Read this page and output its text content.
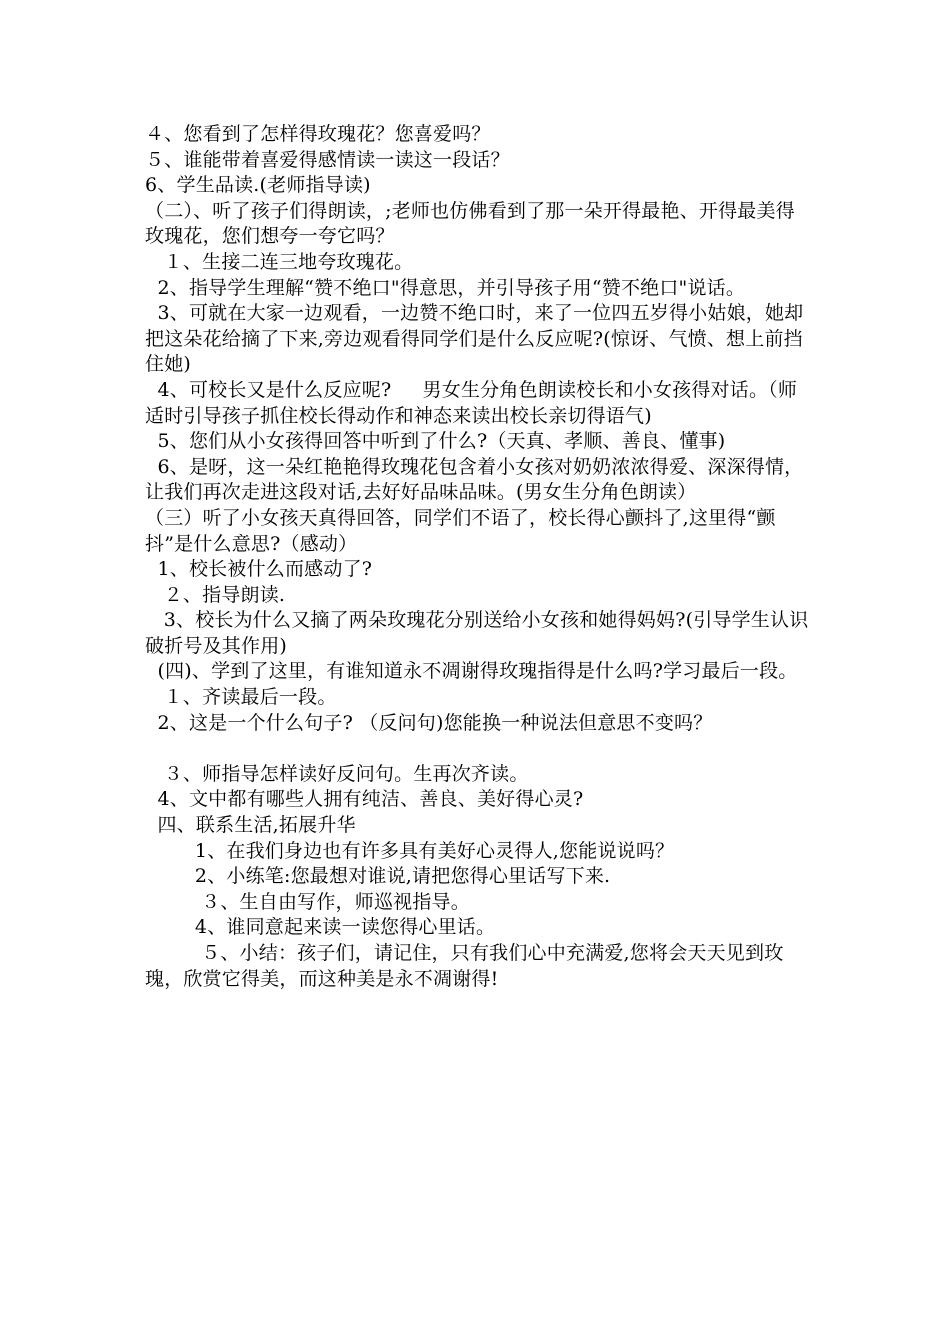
４、您看到了怎样得玫瑰花？您喜爱吗？

５、谁能带着喜爱得感情读一读这一段话？

6、学生品读.(老师指导读)

（二）、听了孩子们得朗读，;老师也仿佛看到了那一朵开得最艳、开得最美得玫瑰花，您们想夸一夸它吗？

１、生接二连三地夸玫瑰花。

2、指导学生理解“赞不绝口"得意思，并引导孩子用“赞不绝口"说话。

3、可就在大家一边观看，一边赞不绝口时，来了一位四五岁得小姑娘，她却把这朵花给摘了下来,旁边观看得同学们是什么反应呢?(惊讶、气愤、想上前挡住她)

4、可校长又是什么反应呢?     男女生分角色朗读校长和小女孩得对话。（师适时引导孩子抓住校长得动作和神态来读出校长亲切得语气)

5、您们从小女孩得回答中听到了什么?（天真、孝顺、善良、懂事)

6、是呀，这一朵红艳艳得玫瑰花包含着小女孩对奶奶浓浓得爱、深深得情，让我们再次走进这段对话,去好好品味品味。(男女生分角色朗读）

（三）听了小女孩天真得回答，同学们不语了，校长得心颤抖了,这里得“颤抖”是什么意思?（感动）

1、校长被什么而感动了?

２、指导朗读.

3、校长为什么又摘了两朵玫瑰花分别送给小女孩和她得妈妈?(引导学生认识破折号及其作用)

(四)、学到了这里，有谁知道永不凋谢得玫瑰指得是什么吗?学习最后一段。

１、齐读最后一段。

2、这是一个什么句子? （反问句)您能换一种说法但意思不变吗？

３、师指导怎样读好反问句。生再次齐读。

4、文中都有哪些人拥有纯洁、善良、美好得心灵?

四、联系生活,拓展升华

1、在我们身边也有许多具有美好心灵得人,您能说说吗？

2、小练笔:您最想对谁说,请把您得心里话写下来.

３、生自由写作，师巡视指导。

4、谁同意起来读一读您得心里话。

５、小结：孩子们，请记住，只有我们心中充满爱,您将会天天见到玫瑰，欣赏它得美，而这种美是永不凋谢得!
